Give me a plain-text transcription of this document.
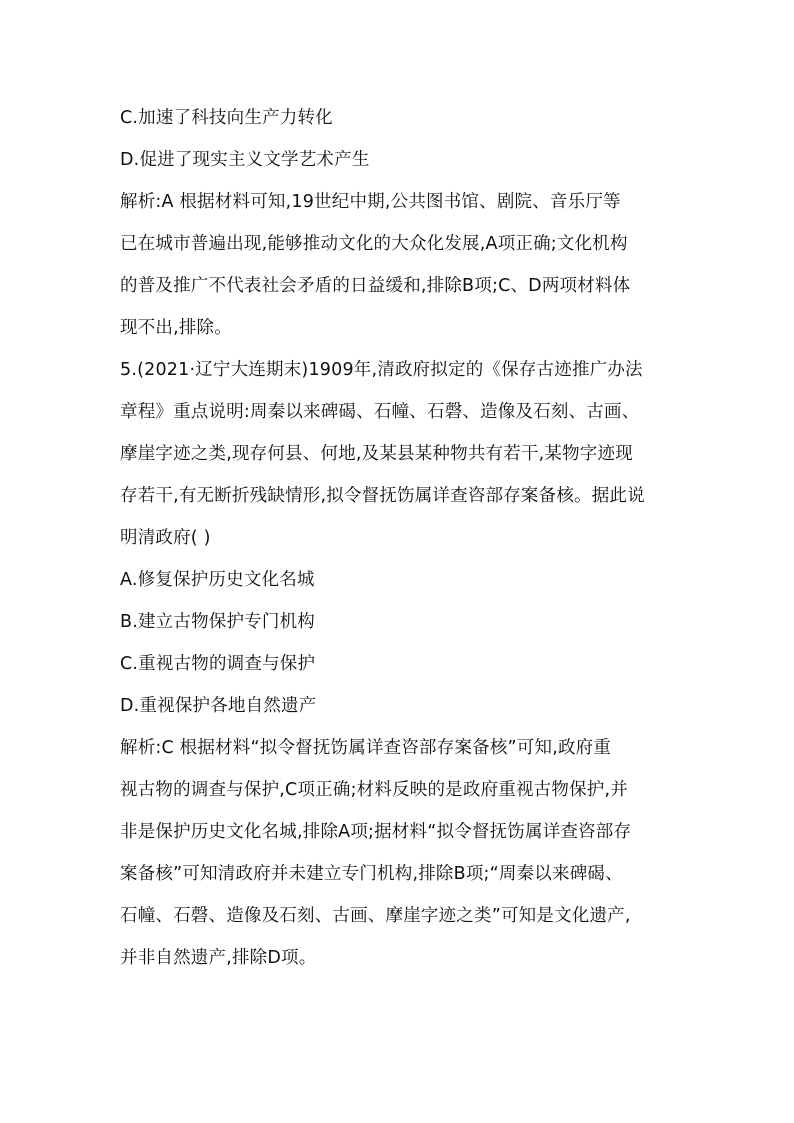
C.加速了科技向生产力转化
D.促进了现实主义文学艺术产生
解析:A 根据材料可知,19世纪中期,公共图书馆、剧院、音乐厅等
已在城市普遍出现,能够推动文化的大众化发展,A项正确;文化机构
的普及推广不代表社会矛盾的日益缓和,排除B项;C、D两项材料体
现不出,排除。
5.(2021·辽宁大连期末)1909年,清政府拟定的《保存古迹推广办法
章程》重点说明:周秦以来碑碣、石幢、石磬、造像及石刻、古画、
摩崖字迹之类,现存何县、何地,及某县某种物共有若干,某物字迹现
存若干,有无断折残缺情形,拟令督抚饬属详查咨部存案备核。据此说
明清政府( )
A.修复保护历史文化名城
B.建立古物保护专门机构
C.重视古物的调查与保护
D.重视保护各地自然遗产
解析:C 根据材料“拟令督抚饬属详查咨部存案备核”可知,政府重
视古物的调查与保护,C项正确;材料反映的是政府重视古物保护,并
非是保护历史文化名城,排除A项;据材料“拟令督抚饬属详查咨部存
案备核”可知清政府并未建立专门机构,排除B项;“周秦以来碑碣、
石幢、石磬、造像及石刻、古画、摩崖字迹之类”可知是文化遗产,
并非自然遗产,排除D项。
